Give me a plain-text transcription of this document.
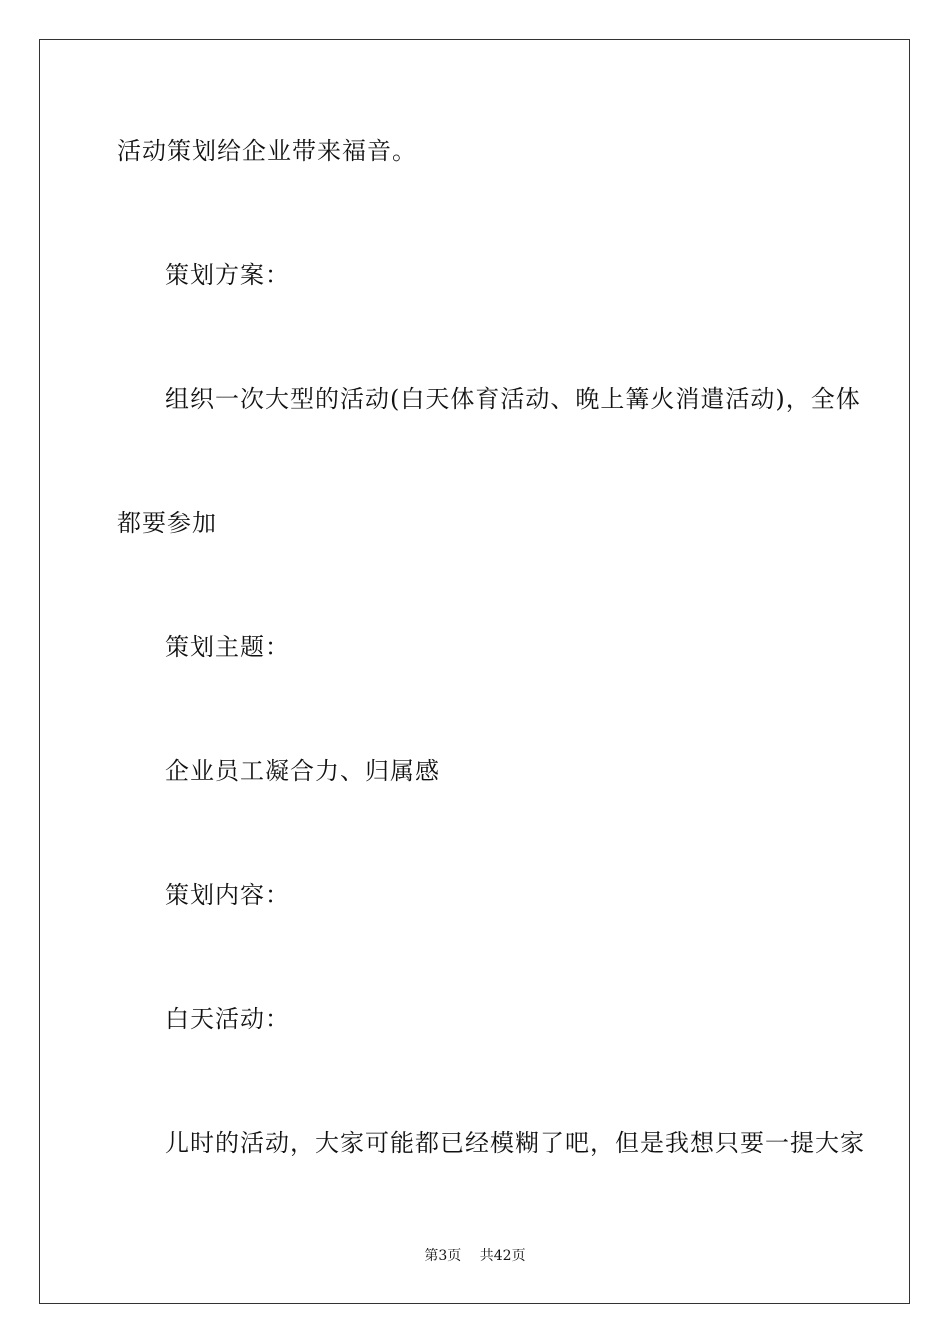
活动策划给企业带来福音。
策划方案：
组织一次大型的活动(白天体育活动、晚上篝火消遣活动)，全体
都要参加
策划主题：
企业员工凝合力、归属感
策划内容：
白天活动：
儿时的活动，大家可能都已经模糊了吧，但是我想只要一提大家
第3页 共42页
